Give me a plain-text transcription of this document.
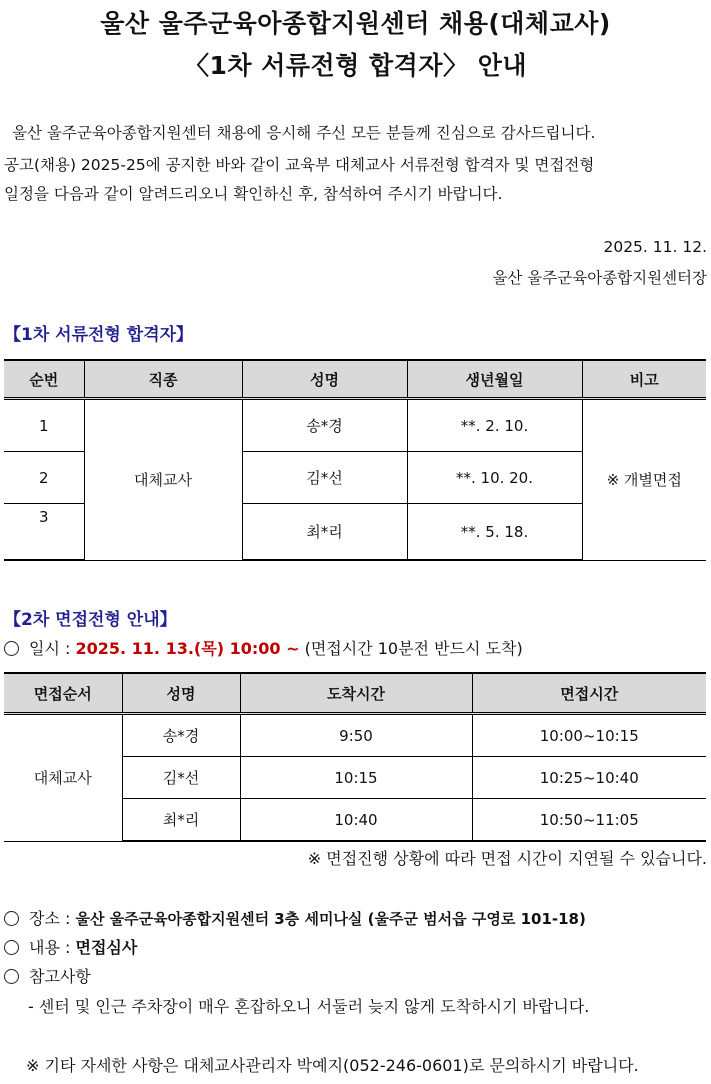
울산 울주군육아종합지원센터 채용(대체교사)
〈1차 서류전형 합격자〉 안내
울산 울주군육아종합지원센터 채용에 응시해 주신 모든 분들께 진심으로 감사드립니다.
공고(채용) 2025-25에 공지한 바와 같이 교육부 대체교사 서류전형 합격자 및 면접전형
일정을 다음과 같이 알려드리오니 확인하신 후, 참석하여 주시기 바랍니다.
2025. 11. 12.
울산 울주군육아종합지원센터장
【1차 서류전형 합격자】
순번	직종	성명	생년월일	비고
1	대체교사	송*경	**. 2. 10.	※ 개별면접
2		김*선	**. 10. 20.	
3		최*리	**. 5. 18.	
【2차 면접전형 안내】
일시 : 2025. 11. 13.(목) 10:00 ~ (면접시간 10분전 반드시 도착)
면접순서	성명	도착시간	면접시간
대체교사	송*경	9:50	10:00~10:15
	김*선	10:15	10:25~10:40
	최*리	10:40	10:50~11:05
※ 면접진행 상황에 따라 면접 시간이 지연될 수 있습니다.
장소 : 울산 울주군육아종합지원센터 3층 세미나실 (울주군 범서읍 구영로 101-18)
내용 : 면접심사
참고사항
- 센터 및 인근 주차장이 매우 혼잡하오니 서둘러 늦지 않게 도착하시기 바랍니다.
※ 기타 자세한 사항은 대체교사관리자 박예지(052-246-0601)로 문의하시기 바랍니다.
